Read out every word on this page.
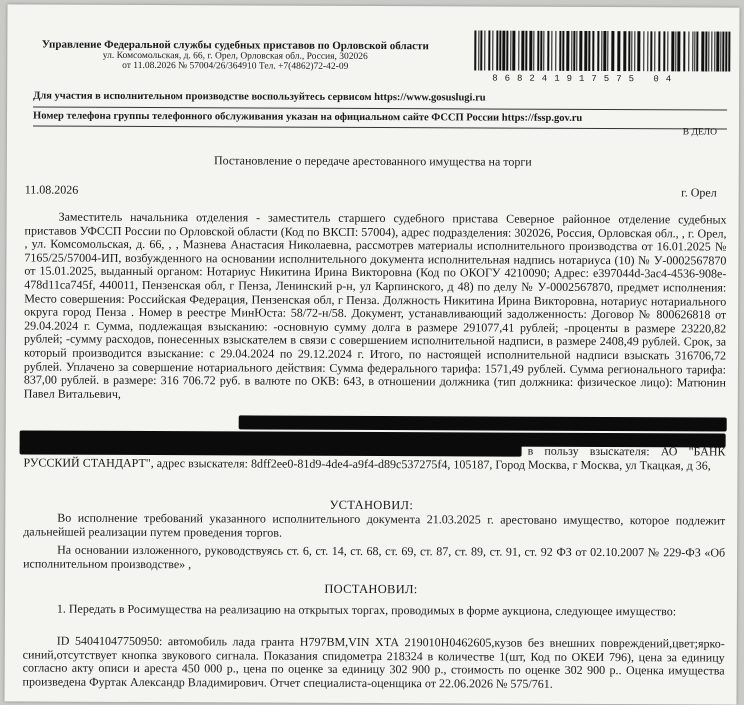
Управление Федеральной службы судебных приставов по Орловской области
ул. Комсомольская, д. 66, г. Орел, Орловская обл., Россия, 302026
от 11.08.2026 № 57004/26/364910 Тел. +7(4862)72-42-09
868241917575 04
Для участия в исполнительном производстве воспользуйтесь сервисом https://www.gosuslugi.ru
Номер телефона группы телефонного обслуживания указан на официальном сайте ФССП России https://fssp.gov.ru
В ДЕЛО
Постановление о передаче арестованного имущества на торги
11.08.2026	г. Орел
Заместитель начальника отделения - заместитель старшего судебного пристава Северное районное отделение судебных приставов УФССП России по Орловской области (Код по ВКСП: 57004), адрес подразделения: 302026, Россия, Орловская обл., , г. Орел, , ул. Комсомольская, д. 66, , , Мазнева Анастасия Николаевна, рассмотрев материалы исполнительного производства от 16.01.2025 № 7165/25/57004-ИП, возбужденного на основании исполнительного документа исполнительная надпись нотариуса (10) № У-0002567870 от 15.01.2025, выданный органом: Нотариус Никитина Ирина Викторовна (Код по ОКОГУ 4210090; Адрес: e397044d-3ac4-4536-908e-478d11ca745f, 440011, Пензенская обл, г Пенза, Ленинский р-н, ул Карпинского, д 48) по делу № У-0002567870, предмет исполнения: Место совершения: Российская Федерация, Пензенская обл, г Пенза. Должность Никитина Ирина Викторовна, нотариус нотариального округа город Пенза . Номер в реестре МинЮста: 58/72-н/58. Документ, устанавливающий задолженность: Договор № 800626818 от 29.04.2024 г. Сумма, подлежащая взысканию: -основную сумму долга в размере 291077,41 рублей; -проценты в размере 23220,82 рублей; -сумму расходов, понесенных взыскателем в связи с совершением исполнительной надписи, в размере 2408,49 рублей. Срок, за который производится взыскание: с 29.04.2024 по 29.12.2024 г. Итого, по настоящей исполнительной надписи взыскать 316706,72 рублей. Уплачено за совершение нотариального действия: Сумма федерального тарифа: 1571,49 рублей. Сумма регионального тарифа: 837,00 рублей. в размере: 316 706.72 руб. в валюте по ОКВ: 643, в отношении должника (тип должника: физическое лицо): Матюнин Павел Витальевич,
в пользу взыскателя: АО "БАНК РУССКИЙ СТАНДАРТ", адрес взыскателя: 8dff2ee0-81d9-4de4-a9f4-d89c537275f4, 105187, Город Москва, г Москва, ул Ткацкая, д 36,
УСТАНОВИЛ:
Во исполнение требований указанного исполнительного документа 21.03.2025 г. арестовано имущество, которое подлежит дальнейшей реализации путем проведения торгов.
На основании изложенного, руководствуясь ст. 6, ст. 14, ст. 68, ст. 69, ст. 87, ст. 89, ст. 91, ст. 92 ФЗ от 02.10.2007 № 229-ФЗ «Об исполнительном производстве» ,
ПОСТАНОВИЛ:
1. Передать в Росимущества на реализацию на открытых торгах, проводимых в форме аукциона, следующее имущество:
ID 54041047750950: автомобиль лада гранта Н797ВМ,VIN ХТА 219010Н0462605,кузов без внешних повреждений,цвет;ярко-синий,отсутствует кнопка звукового сигнала. Показания спидометра 218324 в количестве 1(шт, Код по ОКЕИ 796), цена за единицу согласно акту описи и ареста 450 000 р., цена по оценке за единицу 302 900 р., стоимость по оценке 302 900 р.. Оценка имущества произведена Фуртак Александр Владимирович. Отчет специалиста-оценщика от 22.06.2026 № 575/761.
